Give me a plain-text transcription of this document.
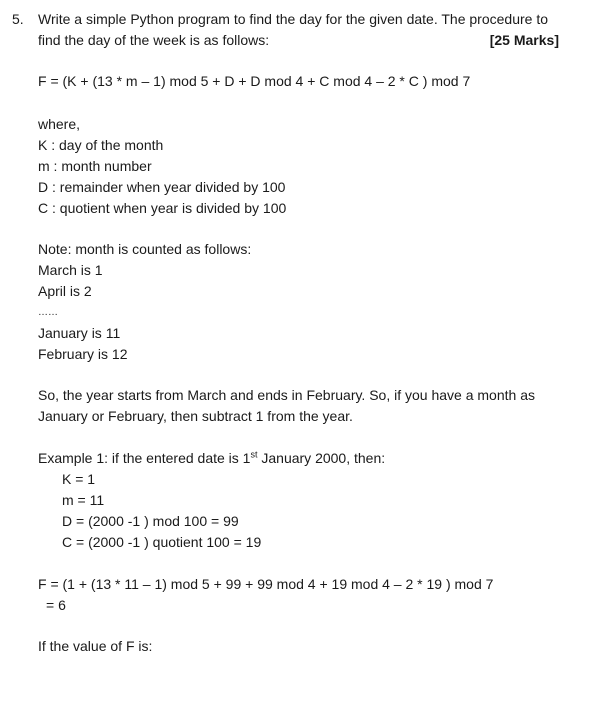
5. Write a simple Python program to find the day for the given date. The procedure to
find the day of the week is as follows:	[25 Marks]
F = (K + (13 * m – 1) mod 5 + D + D mod 4 + C mod 4 – 2 * C ) mod 7
where,
K : day of the month
m : month number
D : remainder when year divided by 100
C : quotient when year is divided by 100
Note: month is counted as follows:
March is 1
April is 2
……
January is 11
February is 12
So, the year starts from March and ends in February. So, if you have a month as
January or February, then subtract 1 from the year.
Example 1: if the entered date is 1st January 2000, then:
K = 1
m = 11
D = (2000 -1 ) mod 100 = 99
C = (2000 -1 ) quotient 100 = 19
F = (1 + (13 * 11 – 1) mod 5 + 99 + 99 mod 4 + 19 mod 4 – 2 * 19 ) mod 7
= 6
If the value of F is:
